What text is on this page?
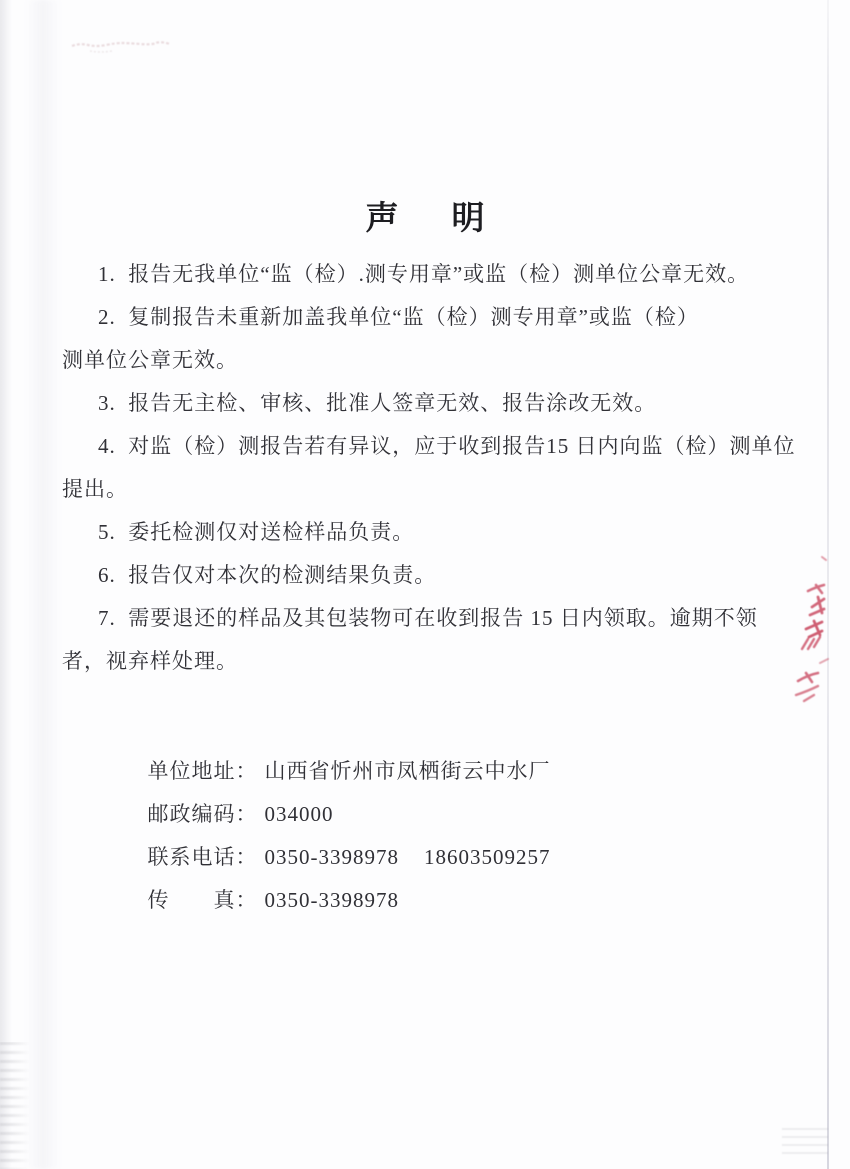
声　明
1.  报告无我单位“监（检）.测专用章”或监（检）测单位公章无效。
2.  复制报告未重新加盖我单位“监（检）测专用章”或监（检）
测单位公章无效。
3.  报告无主检、审核、批准人签章无效、报告涂改无效。
4.  对监（检）测报告若有异议，应于收到报告15 日内向监（检）测单位
提出。
5.  委托检测仅对送检样品负责。
6.  报告仅对本次的检测结果负责。
7.  需要退还的样品及其包装物可在收到报告 15 日内领取。逾期不领
者，视弃样处理。

单位地址： 山西省忻州市凤栖街云中水厂

邮政编码： 034000

联系电话： 0350-3398978    18603509257

传　　真： 0350-3398978
